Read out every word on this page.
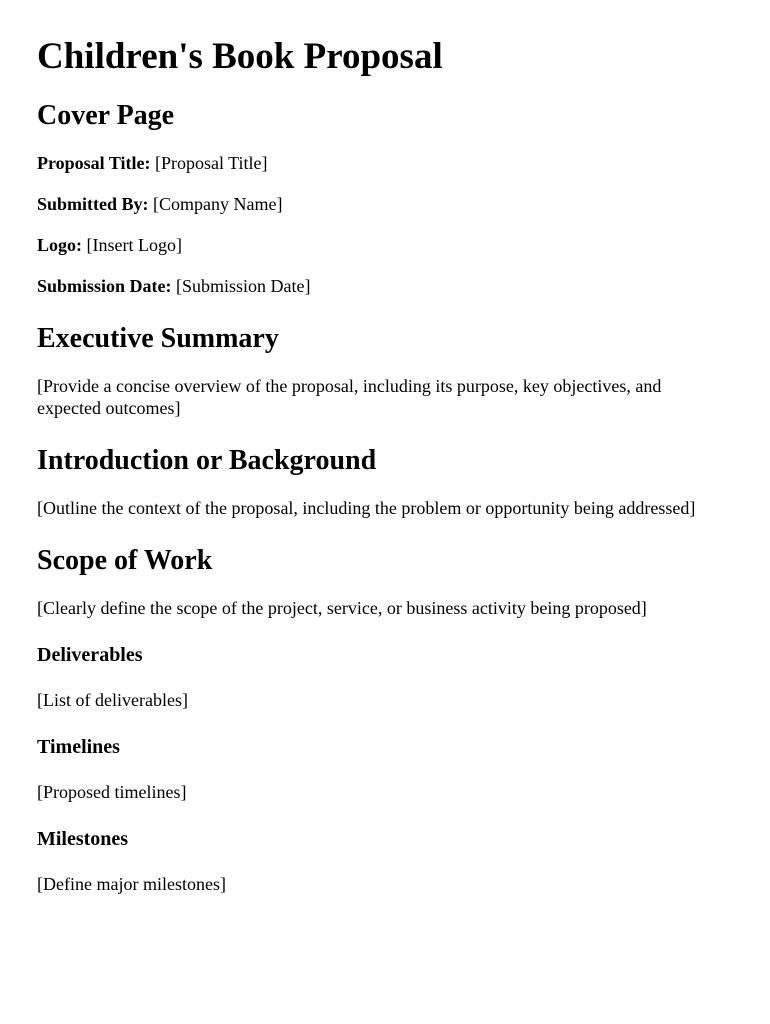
Children's Book Proposal
Cover Page

Proposal Title: [Proposal Title]

Submitted By: [Company Name]

Logo: [Insert Logo]

Submission Date: [Submission Date]

Executive Summary

[Provide a concise overview of the proposal, including its purpose, key objectives, and expected outcomes]

Introduction or Background

[Outline the context of the proposal, including the problem or opportunity being addressed]

Scope of Work

[Clearly define the scope of the project, service, or business activity being proposed]

Deliverables

[List of deliverables]

Timelines

[Proposed timelines]

Milestones

[Define major milestones]
